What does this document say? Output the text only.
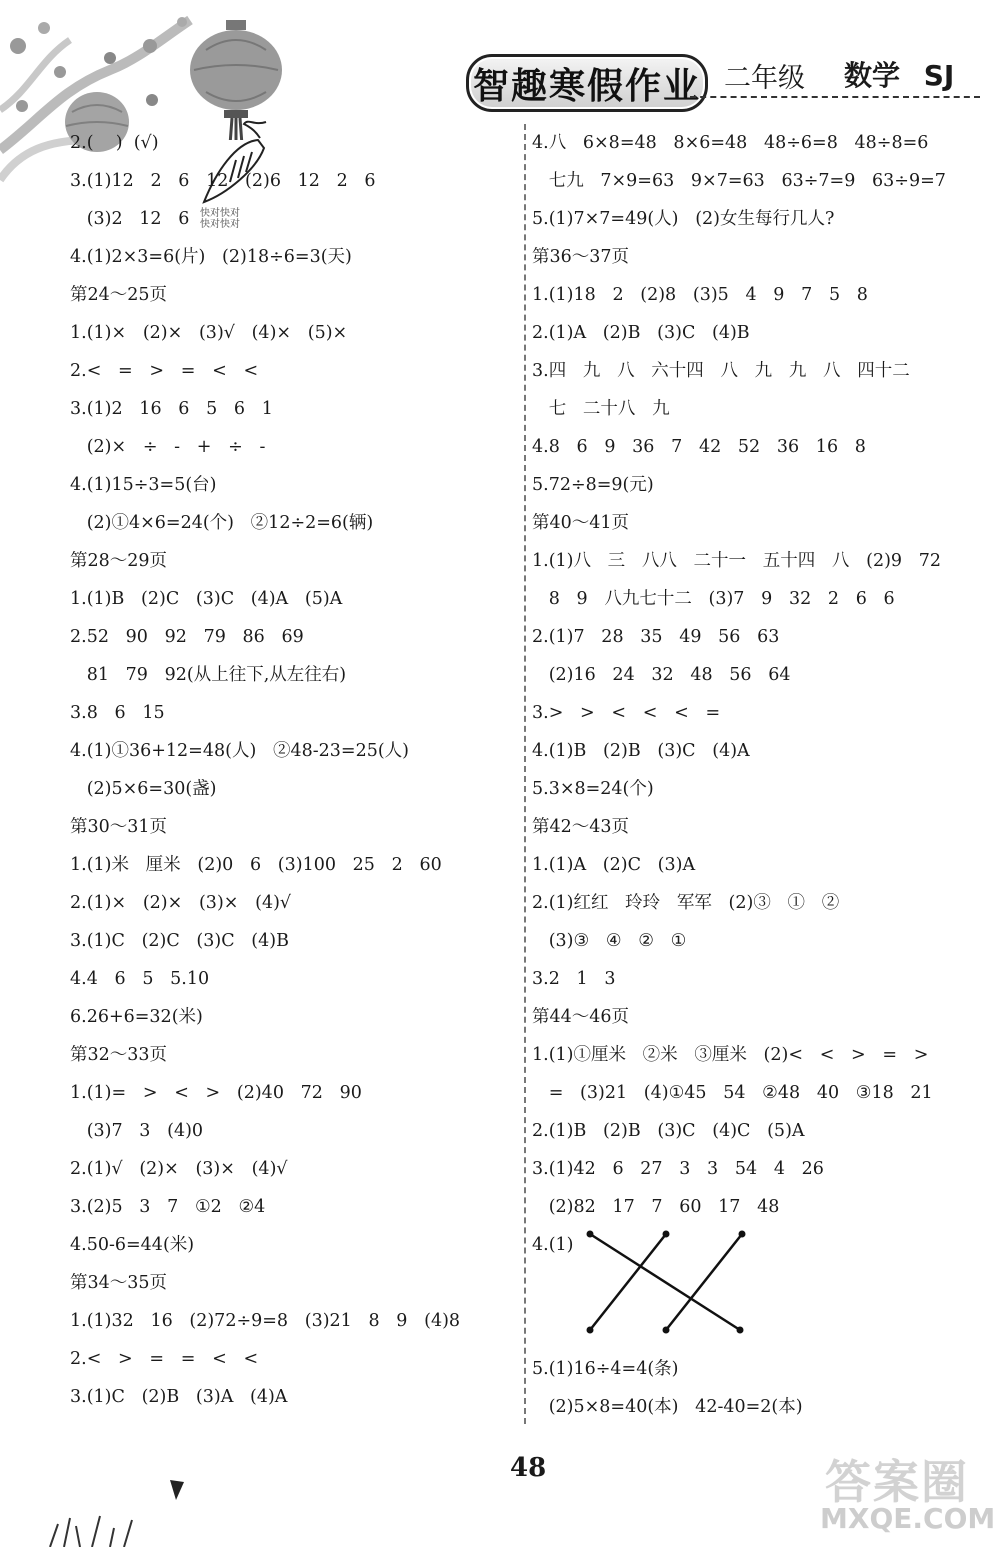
快对快对
快对快对
智趣寒假作业 二年级 数学 SJ
2.(    )  (√)
3.(1)12   2   6   12   (2)6   12   2   6
(3)2   12   6
4.(1)2×3=6(片)   (2)18÷6=3(天)
第24～25页
1.(1)×   (2)×   (3)√   (4)×   (5)×
2.<   =   >   =   <   <
3.(1)2   16   6   5   6   1
(2)×   ÷   -   +   ÷   -
4.(1)15÷3=5(台)
(2)①4×6=24(个)   ②12÷2=6(辆)
第28～29页
1.(1)B   (2)C   (3)C   (4)A   (5)A
2.52   90   92   79   86   69
81   79   92(从上往下,从左往右)
3.8   6   15
4.(1)①36+12=48(人)   ②48-23=25(人)
(2)5×6=30(盏)
第30～31页
1.(1)米   厘米   (2)0   6   (3)100   25   2   60
2.(1)×   (2)×   (3)×   (4)√
3.(1)C   (2)C   (3)C   (4)B
4.4   6   5   5.10
6.26+6=32(米)
第32～33页
1.(1)=   >   <   >   (2)40   72   90
(3)7   3   (4)0
2.(1)√   (2)×   (3)×   (4)√
3.(2)5   3   7   ①2   ②4
4.50-6=44(米)
第34～35页
1.(1)32   16   (2)72÷9=8   (3)21   8   9   (4)8
2.<   >   =   =   <   <
3.(1)C   (2)B   (3)A   (4)A
4.八   6×8=48   8×6=48   48÷6=8   48÷8=6
七九   7×9=63   9×7=63   63÷7=9   63÷9=7
5.(1)7×7=49(人)   (2)女生每行几人?
第36～37页
1.(1)18   2   (2)8   (3)5   4   9   7   5   8
2.(1)A   (2)B   (3)C   (4)B
3.四   九   八   六十四   八   九   九   八   四十二
七   二十八   九
4.8   6   9   36   7   42   52   36   16   8
5.72÷8=9(元)
第40～41页
1.(1)八   三   八八   二十一   五十四   八   (2)9   72
8   9   八九七十二   (3)7   9   32   2   6   6
2.(1)7   28   35   49   56   63
(2)16   24   32   48   56   64
3.>   >   <   <   <   =
4.(1)B   (2)B   (3)C   (4)A
5.3×8=24(个)
第42～43页
1.(1)A   (2)C   (3)A
2.(1)红红   玲玲   军军   (2)③   ①   ②
(3)③   ④   ②   ①
3.2   1   3
第44～46页
1.(1)①厘米   ②米   ③厘米   (2)<   <   >   =   >
=   (3)21   (4)①45   54   ②48   40   ③18   21
2.(1)B   (2)B   (3)C   (4)C   (5)A
3.(1)42   6   27   3   3   54   4   26
(2)82   17   7   60   17   48
4.(1)
5.(1)16÷4=4(条)
(2)5×8=40(本)   42-40=2(本)
48	答案圈
MXQE.COM
